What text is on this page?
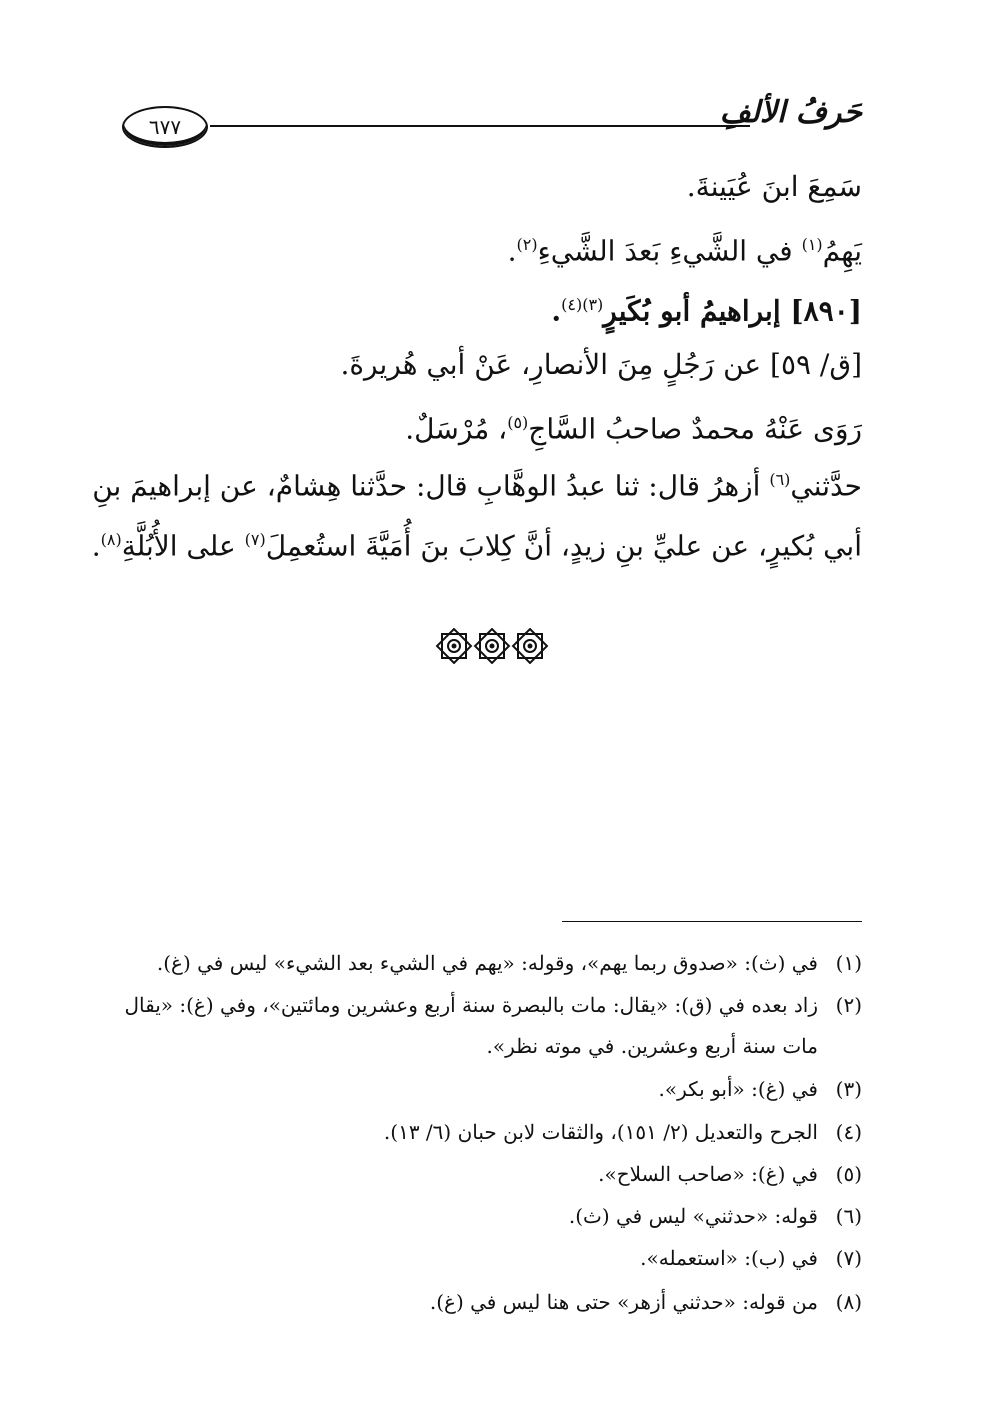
حَرفُ الألفِ
٦٧٧
سَمِعَ ابنَ عُيَينةَ.
يَهِمُ$^{(١)}$ في الشَّيءِ بَعدَ الشَّيءِ$^{(٢)}$.
[٨٩٠] إبراهيمُ أبو بُكَيرٍ$^{(٣)(٤)}$.
[ق/ ٥٩] عن رَجُلٍ مِنَ الأنصارِ، عَنْ أبي هُريرةَ.
رَوَى عَنْهُ محمدٌ صاحبُ السَّاجِ$^{(٥)}$، مُرْسَلٌ.
حدَّثني$^{(٦)}$ أزهرُ قال: ثنا عبدُ الوهَّابِ قال: حدَّثنا هِشامٌ، عن إبراهيمَ بنِ
أبي بُكيرٍ، عن عليِّ بنِ زيدٍ، أنَّ كِلابَ بنَ أُمَيَّةَ استُعمِلَ$^{(٧)}$ على الأُبُلَّةِ$^{(٨)}$.
(١)في (ث): «صدوق ربما يهم»، وقوله: «يهم في الشيء بعد الشيء» ليس في (غ).
(٢)زاد بعده في (ق): «يقال: مات بالبصرة سنة أربع وعشرين ومائتين»، وفي (غ): «يقال
مات سنة أربع وعشرين. في موته نظر».
(٣)في (غ): «أبو بكر».
(٤)الجرح والتعديل (٢/ ١٥١)، والثقات لابن حبان (٦/ ١٣).
(٥)في (غ): «صاحب السلاح».
(٦)قوله: «حدثني» ليس في (ث).
(٧)في (ب): «استعمله».
(٨)من قوله: «حدثني أزهر» حتى هنا ليس في (غ).
